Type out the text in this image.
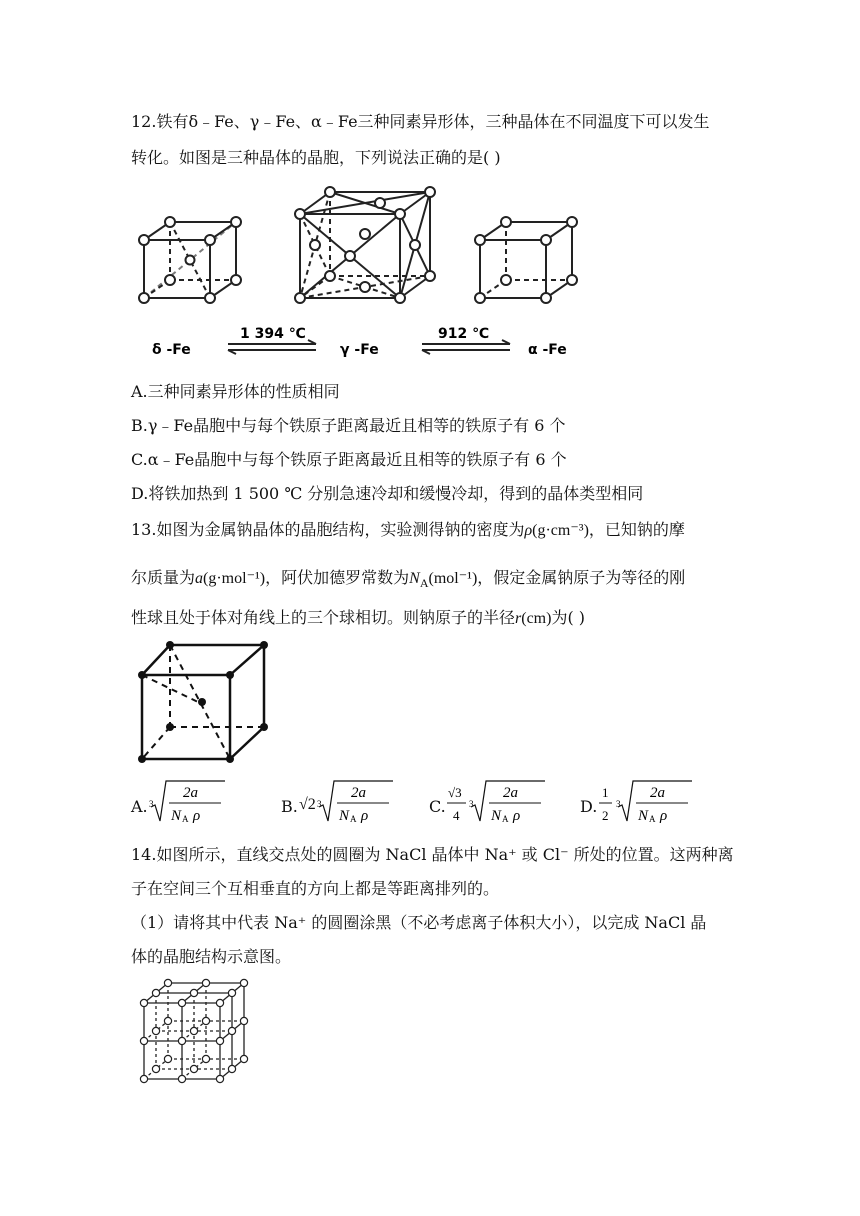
12.铁有δ﹣Fe、γ﹣Fe、α﹣Fe三种同素异形体，三种晶体在不同温度下可以发生
转化。如图是三种晶体的晶胞，下列说法正确的是( )
1 394 ℃	912 ℃
δ -Fe	γ -Fe	α -Fe
A.三种同素异形体的性质相同
B.γ﹣Fe晶胞中与每个铁原子距离最近且相等的铁原子有 6 个
C.α﹣Fe晶胞中与每个铁原子距离最近且相等的铁原子有 6 个
D.将铁加热到 1 500 ℃ 分别急速冷却和缓慢冷却，得到的晶体类型相同
13.如图为金属钠晶体的晶胞结构，实验测得钠的密度为ρ(g·cm⁻³)，已知钠的摩
尔质量为a(g·mol⁻¹)，阿伏加德罗常数为$N_A(mol^{-1})$，假定金属钠原子为等径的刚
性球且处于体对角线上的三个球相切。则钠原子的半径r(cm)为( )
A. 3
2a
N A ρ	B. √2 3
2a
N A ρ	C.
√3
4
3
2a
N A ρ	D.
1
2
3
2a
N A ρ
14.如图所示，直线交点处的圆圈为 NaCl 晶体中 Na⁺ 或 Cl⁻ 所处的位置。这两种离
子在空间三个互相垂直的方向上都是等距离排列的。
（1）请将其中代表 Na⁺ 的圆圈涂黑（不必考虑离子体积大小），以完成 NaCl 晶
体的晶胞结构示意图。
